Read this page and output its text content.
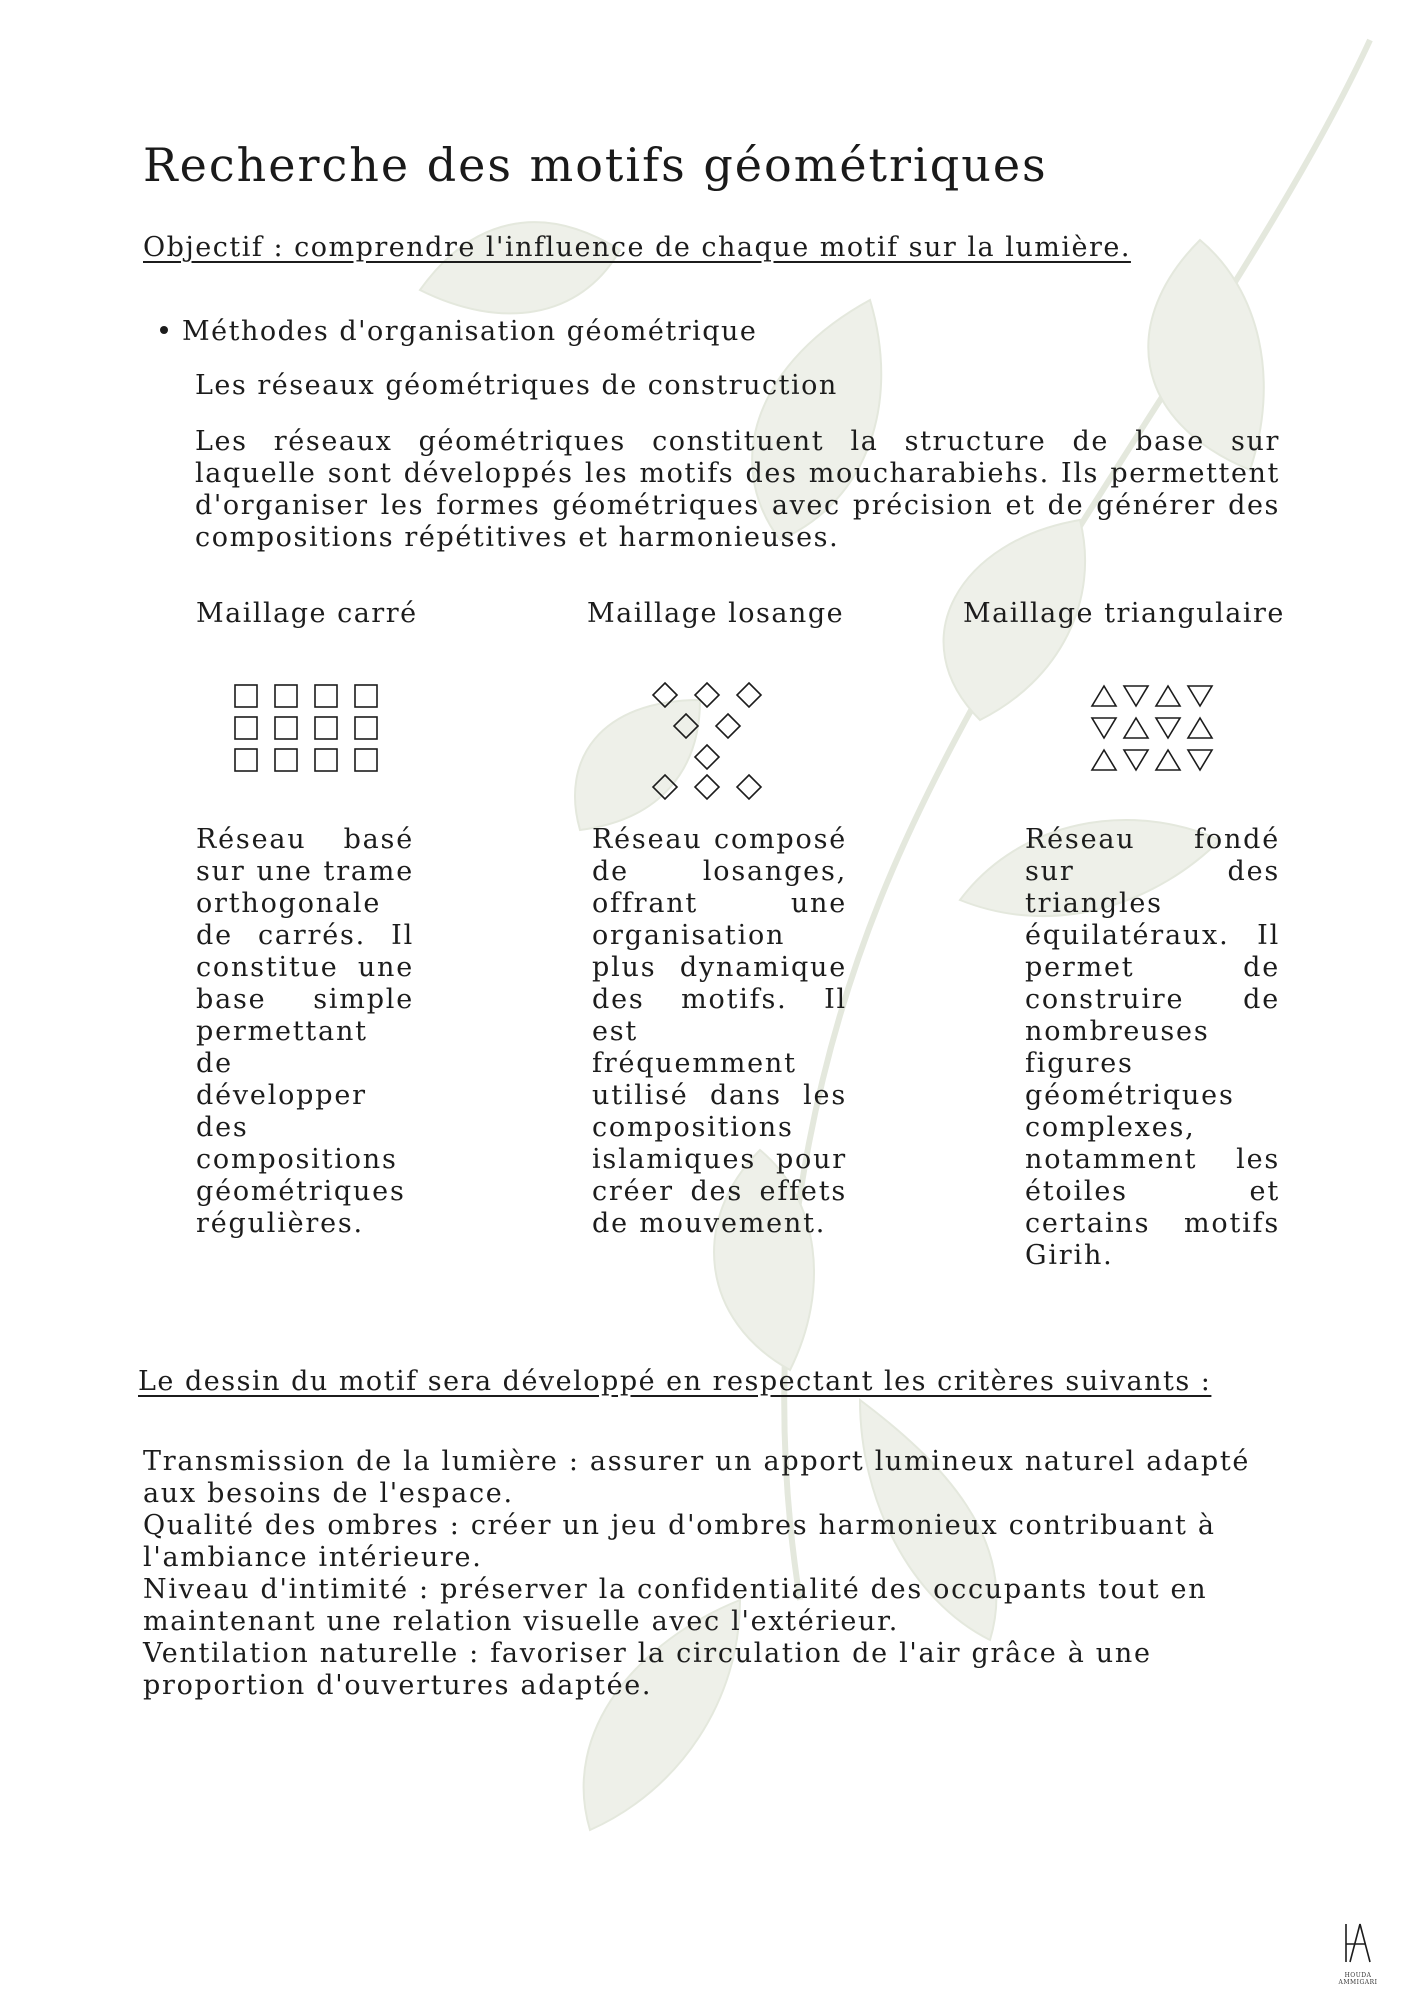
Recherche des motifs géométriques
Objectif : comprendre l'influence de chaque motif sur la lumière.
Méthodes d'organisation géométrique
Les réseaux géométriques de construction

Les réseaux géométriques constituent la structure de base sur laquelle sont développés les motifs des moucharabiehs. Ils permettent d'organiser les formes géométriques avec précision et de générer des compositions répétitives et harmonieuses.

Maillage carré

Réseau basé sur une trame orthogonale de carrés. Il constitue une base simple permettant de développer des compositions géométriques régulières.

Maillage losange

Réseau composé de losanges, offrant une organisation plus dynamique des motifs. Il est fréquemment utilisé dans les compositions islamiques pour créer des effets de mouvement.

Maillage triangulaire

Réseau fondé sur des triangles équilatéraux. Il permet de construire de nombreuses figures géométriques complexes, notamment les étoiles et certains motifs Girih.

Le dessin du motif sera développé en respectant les critères suivants :

Transmission de la lumière : assurer un apport lumineux naturel adapté aux besoins de l'espace.

Qualité des ombres : créer un jeu d'ombres harmonieux contribuant à l'ambiance intérieure.

Niveau d'intimité : préserver la confidentialité des occupants tout en maintenant une relation visuelle avec l'extérieur.

Ventilation naturelle : favoriser la circulation de l'air grâce à une proportion d'ouvertures adaptée.

HOUDA AMMIGARI
